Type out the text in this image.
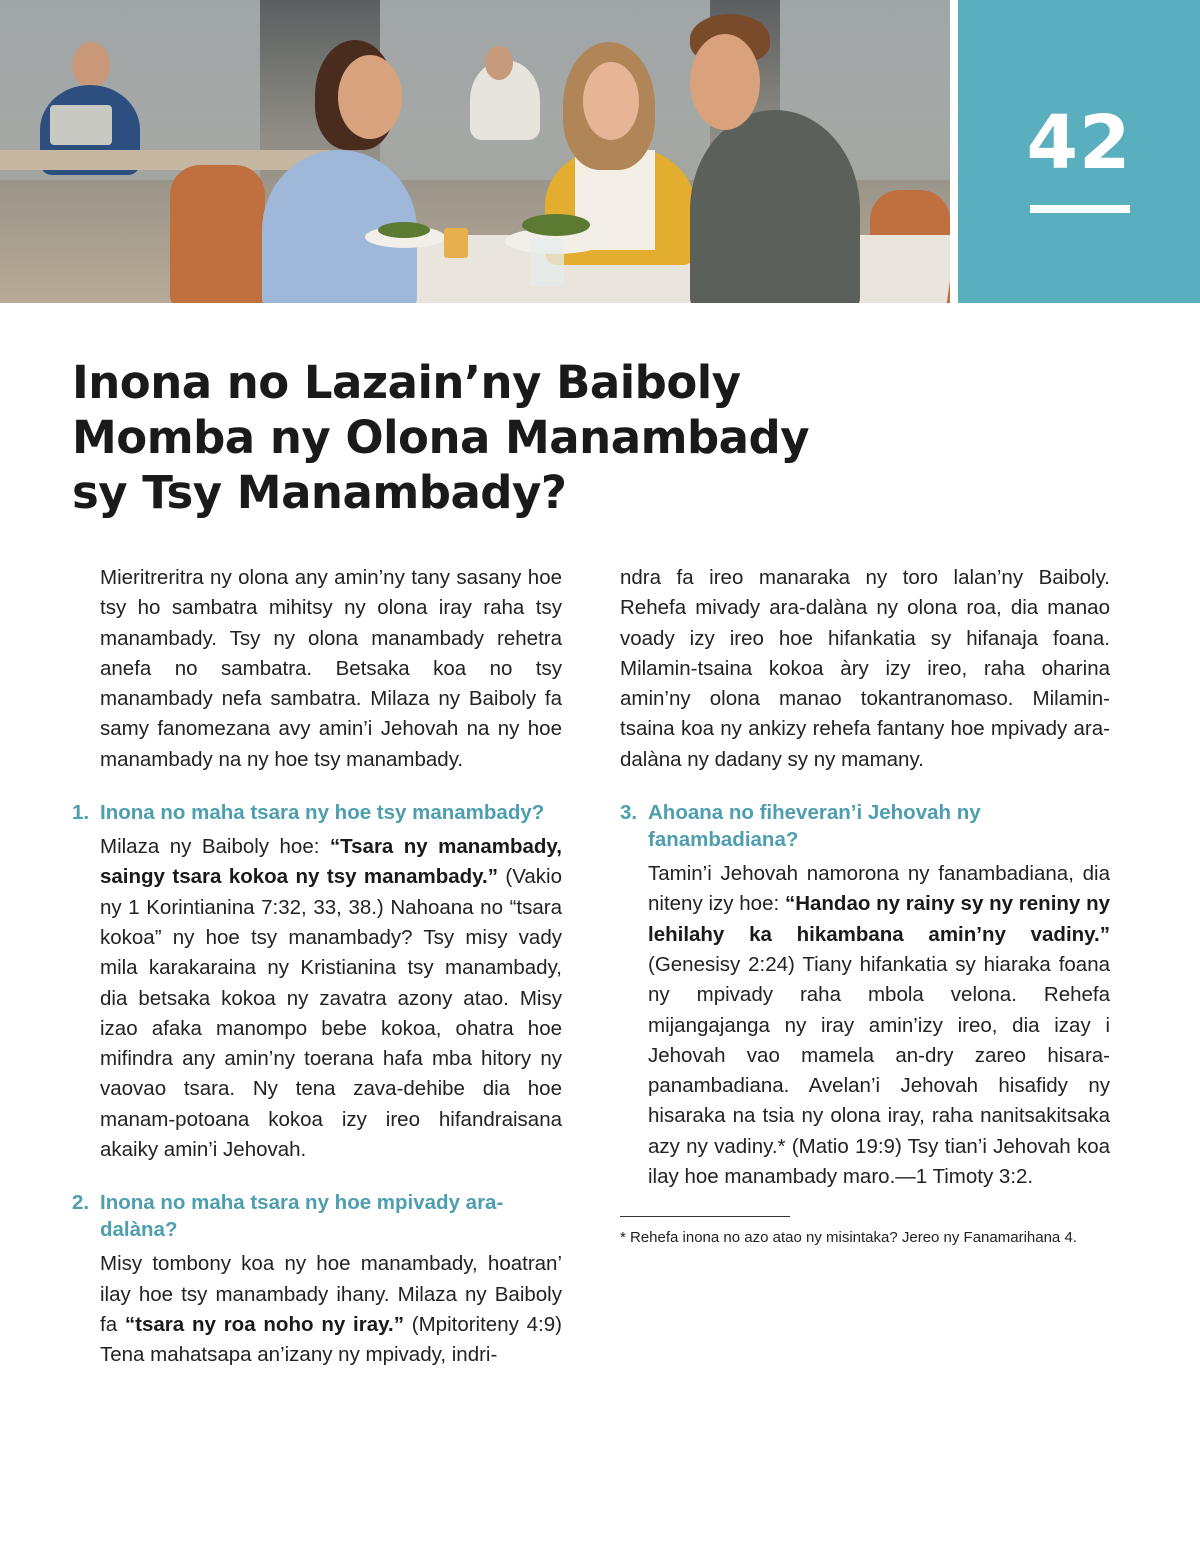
42
Inona no Lazain’ny Baiboly Momba ny Olona Manambady sy Tsy Manambady?

Mieritreritra ny olona any amin’ny tany sasany hoe tsy ho sambatra mihitsy ny olona iray raha tsy manambady. Tsy ny olona manambady rehetra anefa no sambatra. Betsaka koa no tsy manambady nefa sambatra. Milaza ny Baiboly fa samy fanomezana avy amin’i Jehovah na ny hoe manambady na ny hoe tsy manambady.

1. Inona no maha tsara ny hoe tsy manambady?

Milaza ny Baiboly hoe: “Tsara ny manambady, saingy tsara kokoa ny tsy manambady.” (Vakio ny 1 Korintianina 7:32, 33, 38.) Nahoana no “tsara kokoa” ny hoe tsy manambady? Tsy misy vady mila karakaraina ny Kristianina tsy manambady, dia betsaka kokoa ny zavatra azony atao. Misy izao afaka manompo bebe kokoa, ohatra hoe mifindra any amin’ny toerana hafa mba hitory ny vaovao tsara. Ny tena zava-dehibe dia hoe manam-potoana kokoa izy ireo hifandraisana akaiky amin’i Jehovah.

2. Inona no maha tsara ny hoe mpivady ara-dalàna?

Misy tombony koa ny hoe manambady, hoatran’ ilay hoe tsy manambady ihany. Milaza ny Baiboly fa “tsara ny roa noho ny iray.” (Mpitoriteny 4:9) Tena mahatsapa an’izany ny mpivady, indri-

ndra fa ireo manaraka ny toro lalan’ny Baiboly. Rehefa mivady ara-dalàna ny olona roa, dia manao voady izy ireo hoe hifankatia sy hifanaja foana. Milamin-tsaina kokoa àry izy ireo, raha oharina amin’ny olona manao tokantranomaso. Milamin-tsaina koa ny ankizy rehefa fantany hoe mpivady ara-dalàna ny dadany sy ny mamany.

3. Ahoana no fiheveran’i Jehovah ny fanambadiana?

Tamin’i Jehovah namorona ny fanambadiana, dia niteny izy hoe: “Handao ny rainy sy ny reniny ny lehilahy ka hikambana amin’ny vadiny.” (Genesisy 2:24) Tiany hifankatia sy hiaraka foana ny mpivady raha mbola velona. Rehefa mijangajanga ny iray amin’izy ireo, dia izay i Jehovah vao mamela an-dry zareo hisara-panambadiana. Avelan’i Jehovah hisafidy ny hisaraka na tsia ny olona iray, raha nanitsakitsaka azy ny vadiny.* (Matio 19:9) Tsy tian’i Jehovah koa ilay hoe manambady maro.—1 Timoty 3:2.

* Rehefa inona no azo atao ny misintaka? Jereo ny Fanamarihana 4.
